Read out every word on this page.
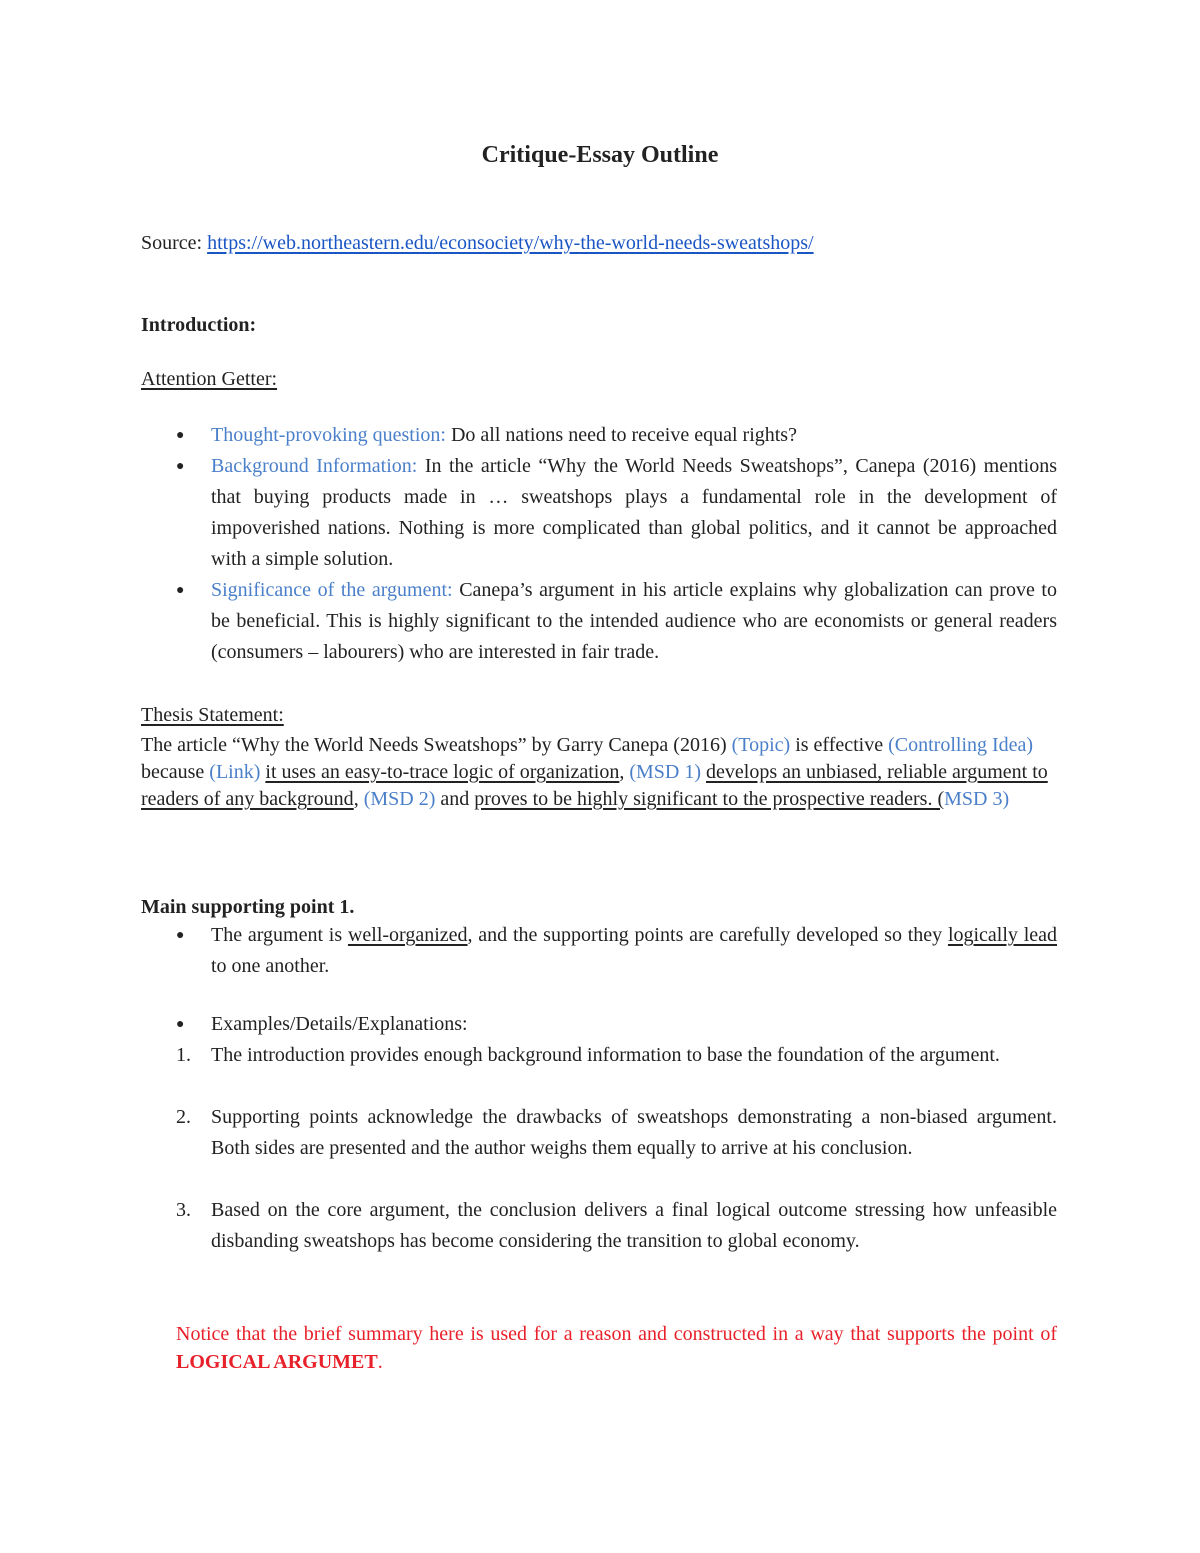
Critique-Essay Outline
Source: https://web.northeastern.edu/econsociety/why-the-world-needs-sweatshops/
Introduction:
Attention Getter:
● Thought-provoking question: Do all nations need to receive equal rights?
● Background Information: In the article “Why the World Needs Sweatshops”, Canepa (2016) mentions that buying products made in … sweatshops plays a fundamental role in the development of impoverished nations. Nothing is more complicated than global politics, and it cannot be approached with a simple solution.
● Significance of the argument: Canepa’s argument in his article explains why globalization can prove to be beneficial. This is highly significant to the intended audience who are economists or general readers (consumers – labourers) who are interested in fair trade.
Thesis Statement:
The article “Why the World Needs Sweatshops” by Garry Canepa (2016) (Topic) is effective (Controlling Idea) because (Link) it uses an easy-to-trace logic of organization, (MSD 1) develops an unbiased, reliable argument to readers of any background, (MSD 2) and proves to be highly significant to the prospective readers. (MSD 3)
Main supporting point 1.
● The argument is well-organized, and the supporting points are carefully developed so they logically lead to one another.
● Examples/Details/Explanations:
1. The introduction provides enough background information to base the foundation of the argument.
2. Supporting points acknowledge the drawbacks of sweatshops demonstrating a non-biased argument. Both sides are presented and the author weighs them equally to arrive at his conclusion.
3. Based on the core argument, the conclusion delivers a final logical outcome stressing how unfeasible disbanding sweatshops has become considering the transition to global economy.
Notice that the brief summary here is used for a reason and constructed in a way that supports the point of LOGICAL ARGUMET.
